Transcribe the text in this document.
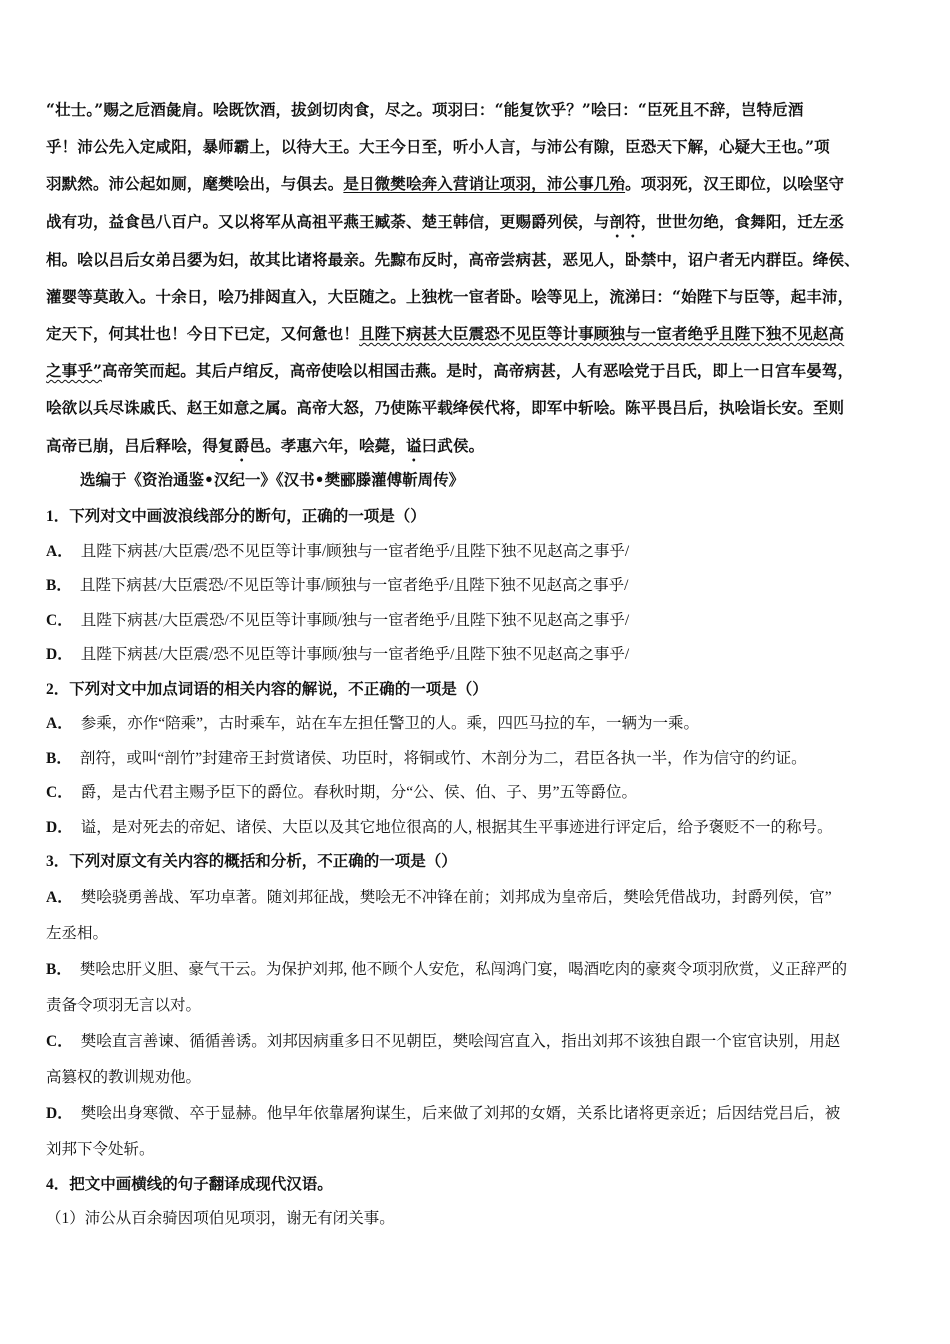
“壮士。”赐之卮酒彘肩。哙既饮酒，拔剑切肉食，尽之。项羽曰：“能复饮乎？”哙曰：“臣死且不辞，岂特卮酒
乎！沛公先入定咸阳，暴师霸上，以待大王。大王今日至，听小人言，与沛公有隙，臣恐天下解，心疑大王也。”项
羽默然。沛公起如厕，麾樊哙出，与俱去。是日微樊哙奔入营诮让项羽，沛公事几殆。项羽死，汉王即位，以哙坚守
战有功，益食邑八百户。又以将军从高祖平燕王臧荼、楚王韩信，更赐爵列侯，与剖符，世世勿绝，食舞阳，迁左丞
相。哙以吕后女弟吕媭为妇，故其比诸将最亲。先黥布反时，高帝尝病甚，恶见人，卧禁中，诏户者无内群臣。绛侯、
灌婴等莫敢入。十余日，哙乃排闼直入，大臣随之。上独枕一宦者卧。哙等见上，流涕曰：“始陛下与臣等，起丰沛，
定天下，何其壮也！今日下已定，又何惫也！且陛下病甚大臣震恐不见臣等计事顾独与一宦者绝乎且陛下独不见赵高
之事乎”高帝笑而起。其后卢绾反，高帝使哙以相国击燕。是时，高帝病甚，人有恶哙党于吕氏，即上一日宫车晏驾，
哙欲以兵尽诛戚氏、赵王如意之属。高帝大怒，乃使陈平载绛侯代将，即军中斩哙。陈平畏吕后，执哙诣长安。至则
高帝已崩，吕后释哙，得复爵邑。孝惠六年，哙薨，谥曰武侯。
选编于《资治通鉴•汉纪一》《汉书•樊郦滕灌傅靳周传》
1．下列对文中画波浪线部分的断句，正确的一项是（）
A． 且陛下病甚/大臣震/恐不见臣等计事/顾独与一宦者绝乎/且陛下独不见赵高之事乎/
B． 且陛下病甚/大臣震恐/不见臣等计事/顾独与一宦者绝乎/且陛下独不见赵高之事乎/
C． 且陛下病甚/大臣震恐/不见臣等计事顾/独与一宦者绝乎/且陛下独不见赵高之事乎/
D． 且陛下病甚/大臣震/恐不见臣等计事顾/独与一宦者绝乎/且陛下独不见赵高之事乎/
2．下列对文中加点词语的相关内容的解说，不正确的一项是（）
A． 参乘，亦作“陪乘”，古时乘车，站在车左担任警卫的人。乘，四匹马拉的车，一辆为一乘。
B． 剖符，或叫“剖竹”封建帝王封赏诸侯、功臣时，将铜或竹、木剖分为二，君臣各执一半，作为信守的约证。
C． 爵，是古代君主赐予臣下的爵位。春秋时期，分“公、侯、伯、子、男”五等爵位。
D． 谥，是对死去的帝妃、诸侯、大臣以及其它地位很高的人, 根据其生平事迹进行评定后，给予褒贬不一的称号。
3．下列对原文有关内容的概括和分析，不正确的一项是（）
A． 樊哙骁勇善战、军功卓著。随刘邦征战，樊哙无不冲锋在前；刘邦成为皇帝后，樊哙凭借战功，封爵列侯，官”
左丞相。
B． 樊哙忠肝义胆、豪气干云。为保护刘邦, 他不顾个人安危，私闯鸿门宴，喝酒吃肉的豪爽令项羽欣赏，义正辞严的
责备令项羽无言以对。
C． 樊哙直言善谏、循循善诱。刘邦因病重多日不见朝臣，樊哙闯宫直入，指出刘邦不该独自跟一个宦官诀别，用赵
高篡权的教训规劝他。
D． 樊哙出身寒微、卒于显赫。他早年依靠屠狗谋生，后来做了刘邦的女婿，关系比诸将更亲近；后因结党吕后，被
刘邦下令处斩。
4．把文中画横线的句子翻译成现代汉语。
（1）沛公从百余骑因项伯见项羽，谢无有闭关事。
